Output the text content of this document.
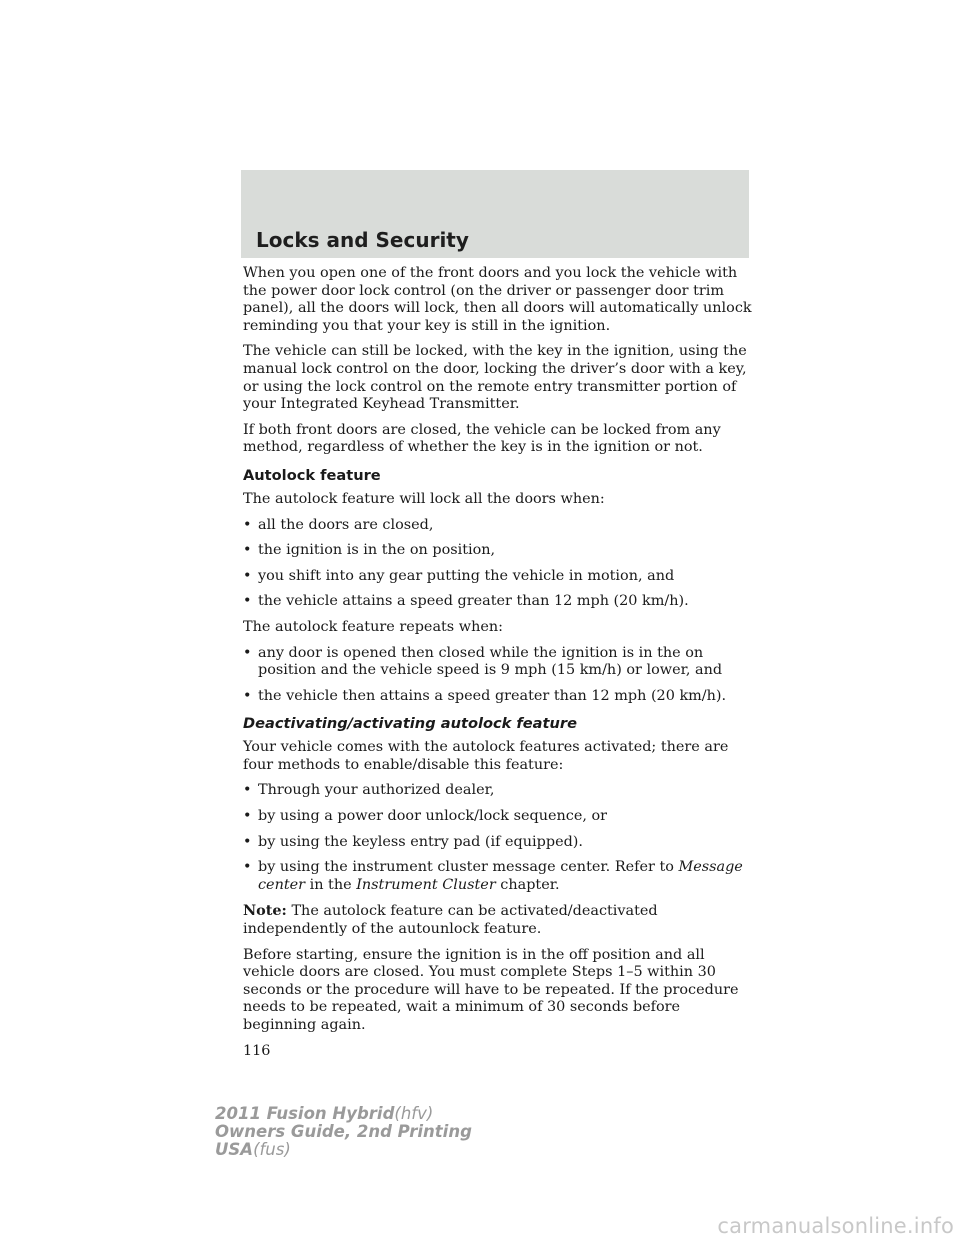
Locks and Security

When you open one of the front doors and you lock the vehicle with the power door lock control (on the driver or passenger door trim panel), all the doors will lock, then all doors will automatically unlock reminding you that your key is still in the ignition.

The vehicle can still be locked, with the key in the ignition, using the manual lock control on the door, locking the driver’s door with a key, or using the lock control on the remote entry transmitter portion of your Integrated Keyhead Transmitter.

If both front doors are closed, the vehicle can be locked from any method, regardless of whether the key is in the ignition or not.

Autolock feature

The autolock feature will lock all the doors when:

• all the doors are closed,
• the ignition is in the on position,
• you shift into any gear putting the vehicle in motion, and
• the vehicle attains a speed greater than 12 mph (20 km/h).

The autolock feature repeats when:

• any door is opened then closed while the ignition is in the on position and the vehicle speed is 9 mph (15 km/h) or lower, and
• the vehicle then attains a speed greater than 12 mph (20 km/h).
Deactivating/activating autolock feature

Your vehicle comes with the autolock features activated; there are four methods to enable/disable this feature:

• Through your authorized dealer,
• by using a power door unlock/lock sequence, or
• by using the keyless entry pad (if equipped).
• by using the instrument cluster message center. Refer to Message center in the Instrument Cluster chapter.

Note: The autolock feature can be activated/deactivated independently of the autounlock feature.

Before starting, ensure the ignition is in the off position and all vehicle doors are closed. You must complete Steps 1–5 within 30 seconds or the procedure will have to be repeated. If the procedure needs to be repeated, wait a minimum of 30 seconds before beginning again.

116
2011 Fusion Hybrid(hfv)
Owners Guide, 2nd Printing
USA(fus)
carmanualsonline.info
